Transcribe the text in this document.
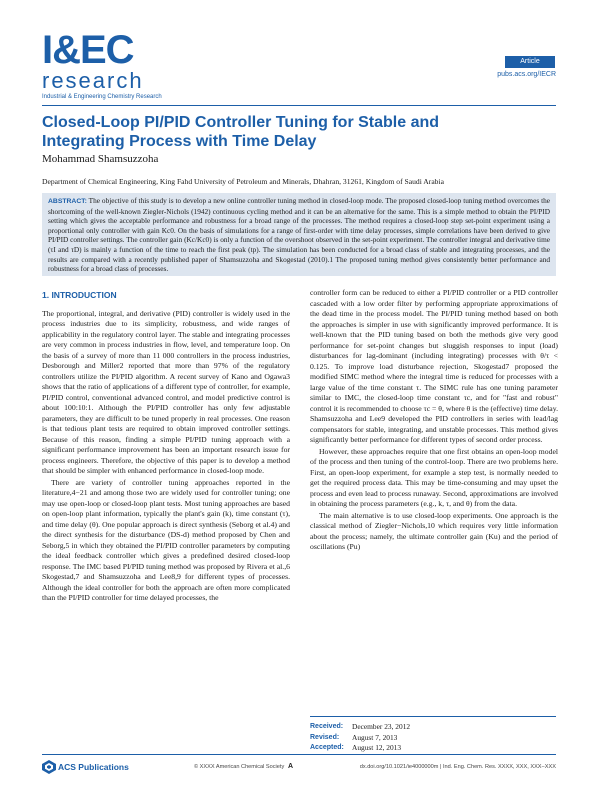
I&EC
research
Industrial & Engineering Chemistry Research
Article
pubs.acs.org/IECR
Closed-Loop PI/PID Controller Tuning for Stable and Integrating Process with Time Delay
Mohammad Shamsuzzoha
Department of Chemical Engineering, King Fahd University of Petroleum and Minerals, Dhahran, 31261, Kingdom of Saudi Arabia
ABSTRACT: The objective of this study is to develop a new online controller tuning method in closed-loop mode. The proposed closed-loop tuning method overcomes the shortcoming of the well-known Ziegler-Nichols (1942) continuous cycling method and it can be an alternative for the same. This is a simple method to obtain the PI/PID setting which gives the acceptable performance and robustness for a broad range of the processes. The method requires a closed-loop step set-point experiment using a proportional only controller with gain Kc0. On the basis of simulations for a range of first-order with time delay processes, simple correlations have been derived to give PI/PID controller settings. The controller gain (Kc/Kc0) is only a function of the overshoot observed in the set-point experiment. The controller integral and derivative time (τI and τD) is mainly a function of the time to reach the first peak (tp). The simulation has been conducted for a broad class of stable and integrating processes, and the results are compared with a recently published paper of Shamsuzzoha and Skogestad (2010).1 The proposed tuning method gives consistently better performance and robustness for a broad class of processes.
1. INTRODUCTION

The proportional, integral, and derivative (PID) controller is widely used in the process industries due to its simplicity, robustness, and wide ranges of applicability in the regulatory control layer. The stable and integrating processes are very common in process industries in flow, level, and temperature loop. On the basis of a survey of more than 11 000 controllers in the process industries, Desborough and Miller2 reported that more than 97% of the regulatory controllers utilize the PI/PID algorithm. A recent survey of Kano and Ogawa3 shows that the ratio of applications of a different type of controller, for example, PI/PID control, conventional advanced control, and model predictive control is about 100:10:1. Although the PI/PID controller has only few adjustable parameters, they are difficult to be tuned properly in real processes. One reason is that tedious plant tests are required to obtain improved controller settings. Because of this reason, finding a simple PI/PID tuning approach with a significant performance improvement has been an important research issue for process engineers. Therefore, the objective of this paper is to develop a method that should be simpler with enhanced performance in closed-loop mode.

There are variety of controller tuning approaches reported in the literature,4−21 and among those two are widely used for controller tuning; one may use open-loop or closed-loop plant tests. Most tuning approaches are based on open-loop plant information, typically the plant's gain (k), time constant (τ), and time delay (θ). One popular approach is direct synthesis (Seborg et al.4) and the direct synthesis for the disturbance (DS-d) method proposed by Chen and Seborg,5 in which they obtained the PI/PID controller parameters by computing the ideal feedback controller which gives a predefined desired closed-loop response. The IMC based PI/PID tuning method was proposed by Rivera et al.,6 Skogestad,7 and Shamsuzzoha and Lee8,9 for different types of processes. Although the ideal controller for both the approach are often more complicated than the PI/PID controller for time delayed processes, the

controller form can be reduced to either a PI/PID controller or a PID controller cascaded with a low order filter by performing appropriate approximations of the dead time in the process model. The PI/PID tuning method based on both the approaches is simpler in use with significantly improved performance. It is well-known that the PID tuning based on both the methods give very good performance for set-point changes but sluggish responses to input (load) disturbances for lag-dominant (including integrating) processes with θ/τ < 0.125. To improve load disturbance rejection, Skogestad7 proposed the modified SIMC method where the integral time is reduced for processes with a large value of the time constant τ. The SIMC rule has one tuning parameter similar to IMC, the closed-loop time constant τc, and for "fast and robust" control it is recommended to choose τc = θ, where θ is the (effective) time delay. Shamsuzzoha and Lee9 developed the PID controllers in series with lead/lag compensators for stable, integrating, and unstable processes. This method gives significantly better performance for different types of second order process.

However, these approaches require that one first obtains an open-loop model of the process and then tuning of the control-loop. There are two problems here. First, an open-loop experiment, for example a step test, is normally needed to get the required process data. This may be time-consuming and may upset the process and even lead to process runaway. Second, approximations are involved in obtaining the process parameters (e.g., k, τ, and θ) from the data.

The main alternative is to use closed-loop experiments. One approach is the classical method of Ziegler−Nichols,10 which requires very little information about the process; namely, the ultimate controller gain (Ku) and the period of oscillations (Pu)

Received:	December 23, 2012
Revised:	August 7, 2013
Accepted:	August 12, 2013
ACS Publications	© XXXX American Chemical Society A	dx.doi.org/10.1021/ie4000000m | Ind. Eng. Chem. Res. XXXX, XXX, XXX−XXX
